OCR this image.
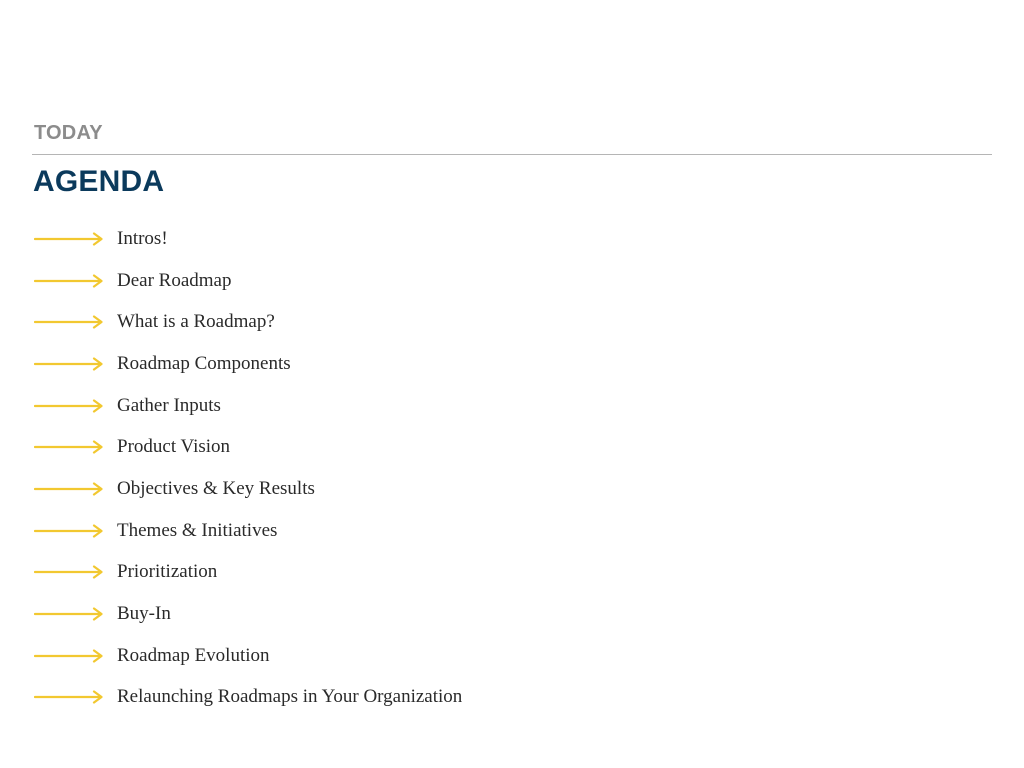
TODAY
AGENDA
Intros!
Dear Roadmap
What is a Roadmap?
Roadmap Components
Gather Inputs
Product Vision
Objectives & Key Results
Themes & Initiatives
Prioritization
Buy-In
Roadmap Evolution
Relaunching Roadmaps in Your Organization
